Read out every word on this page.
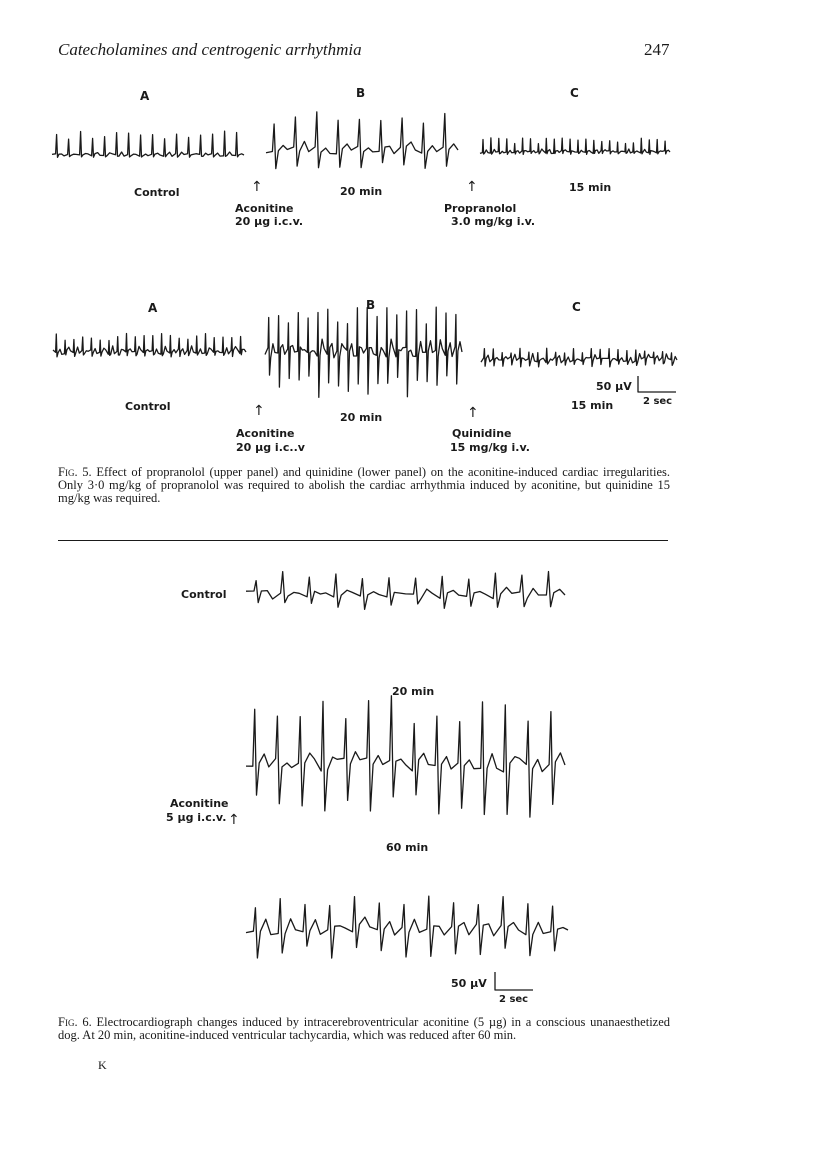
Catecholamines and centrogenic arrhythmia	247
A	B	C
Control	↑
Aconitine
20 µg i.c.v.
20 min	↑
Propranolol
3.0 mg/kg i.v.
15 min
A	B	C
Control	↑
Aconitine
20 µg i.c..v
20 min	↑
Quinidine
15 mg/kg i.v.
15 min
50 µV
2 sec
Fig. 5. Effect of propranolol (upper panel) and quinidine (lower panel) on the aconitine-induced cardiac irregularities. Only 3·0 mg/kg of propranolol was required to abolish the cardiac arrhythmia induced by aconitine, but quinidine 15 mg/kg was required.
Control
20 min
Aconitine
5 µg i.c.v. ↑
60 min
50 µV
2 sec
Fig. 6. Electrocardiograph changes induced by intracerebroventricular aconitine (5 µg) in a conscious unanaesthetized dog. At 20 min, aconitine-induced ventricular tachycardia, which was reduced after 60 min.
K
